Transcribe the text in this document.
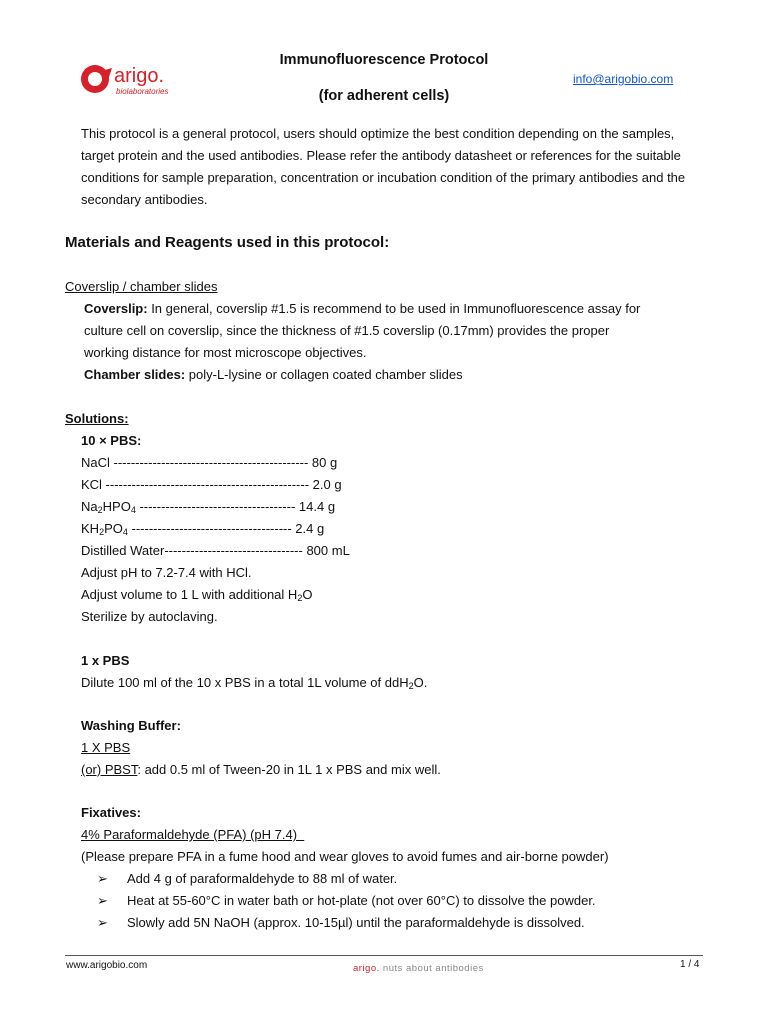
arigo.
biolaboratories
Immunofluorescence Protocol
(for adherent cells)
info@arigobio.com
This protocol is a general protocol, users should optimize the best condition depending on the samples, target protein and the used antibodies. Please refer the antibody datasheet or references for the suitable conditions for sample preparation, concentration or incubation condition of the primary antibodies and the secondary antibodies.
Materials and Reagents used in this protocol:
Coverslip / chamber slides
Coverslip: In general, coverslip #1.5 is recommend to be used in Immunofluorescence assay for
culture cell on coverslip, since the thickness of #1.5 coverslip (0.17mm) provides the proper
working distance for most microscope objectives.
Chamber slides: poly-L-lysine or collagen coated chamber slides
Solutions:
10 × PBS:
NaCl --------------------------------------------- 80 g
KCl ----------------------------------------------- 2.0 g
$Na_2HPO_4$ ------------------------------------ 14.4 g
$KH_2PO_4$ ------------------------------------- 2.4 g
Distilled Water-------------------------------- 800 mL
Adjust pH to 7.2-7.4 with HCl.
Adjust volume to 1 L with additional $H_2O$
Sterilize by autoclaving.
1 x PBS
Dilute 100 ml of the 10 x PBS in a total 1L volume of ddH$_2$O.
Washing Buffer:
1 X PBS
(or) PBST: add 0.5 ml of Tween-20 in 1L 1 x PBS and mix well.
Fixatives:
4% Paraformaldehyde (PFA) (pH 7.4)
(Please prepare PFA in a fume hood and wear gloves to avoid fumes and air-borne powder)
➢ Add 4 g of paraformaldehyde to 88 ml of water.
➢ Heat at 55-60°C in water bath or hot-plate (not over 60°C) to dissolve the powder.
➢ Slowly add 5N NaOH (approx. 10-15µl) until the paraformaldehyde is dissolved.
www.arigobio.com	arigo. nuts about antibodies	1 / 4
